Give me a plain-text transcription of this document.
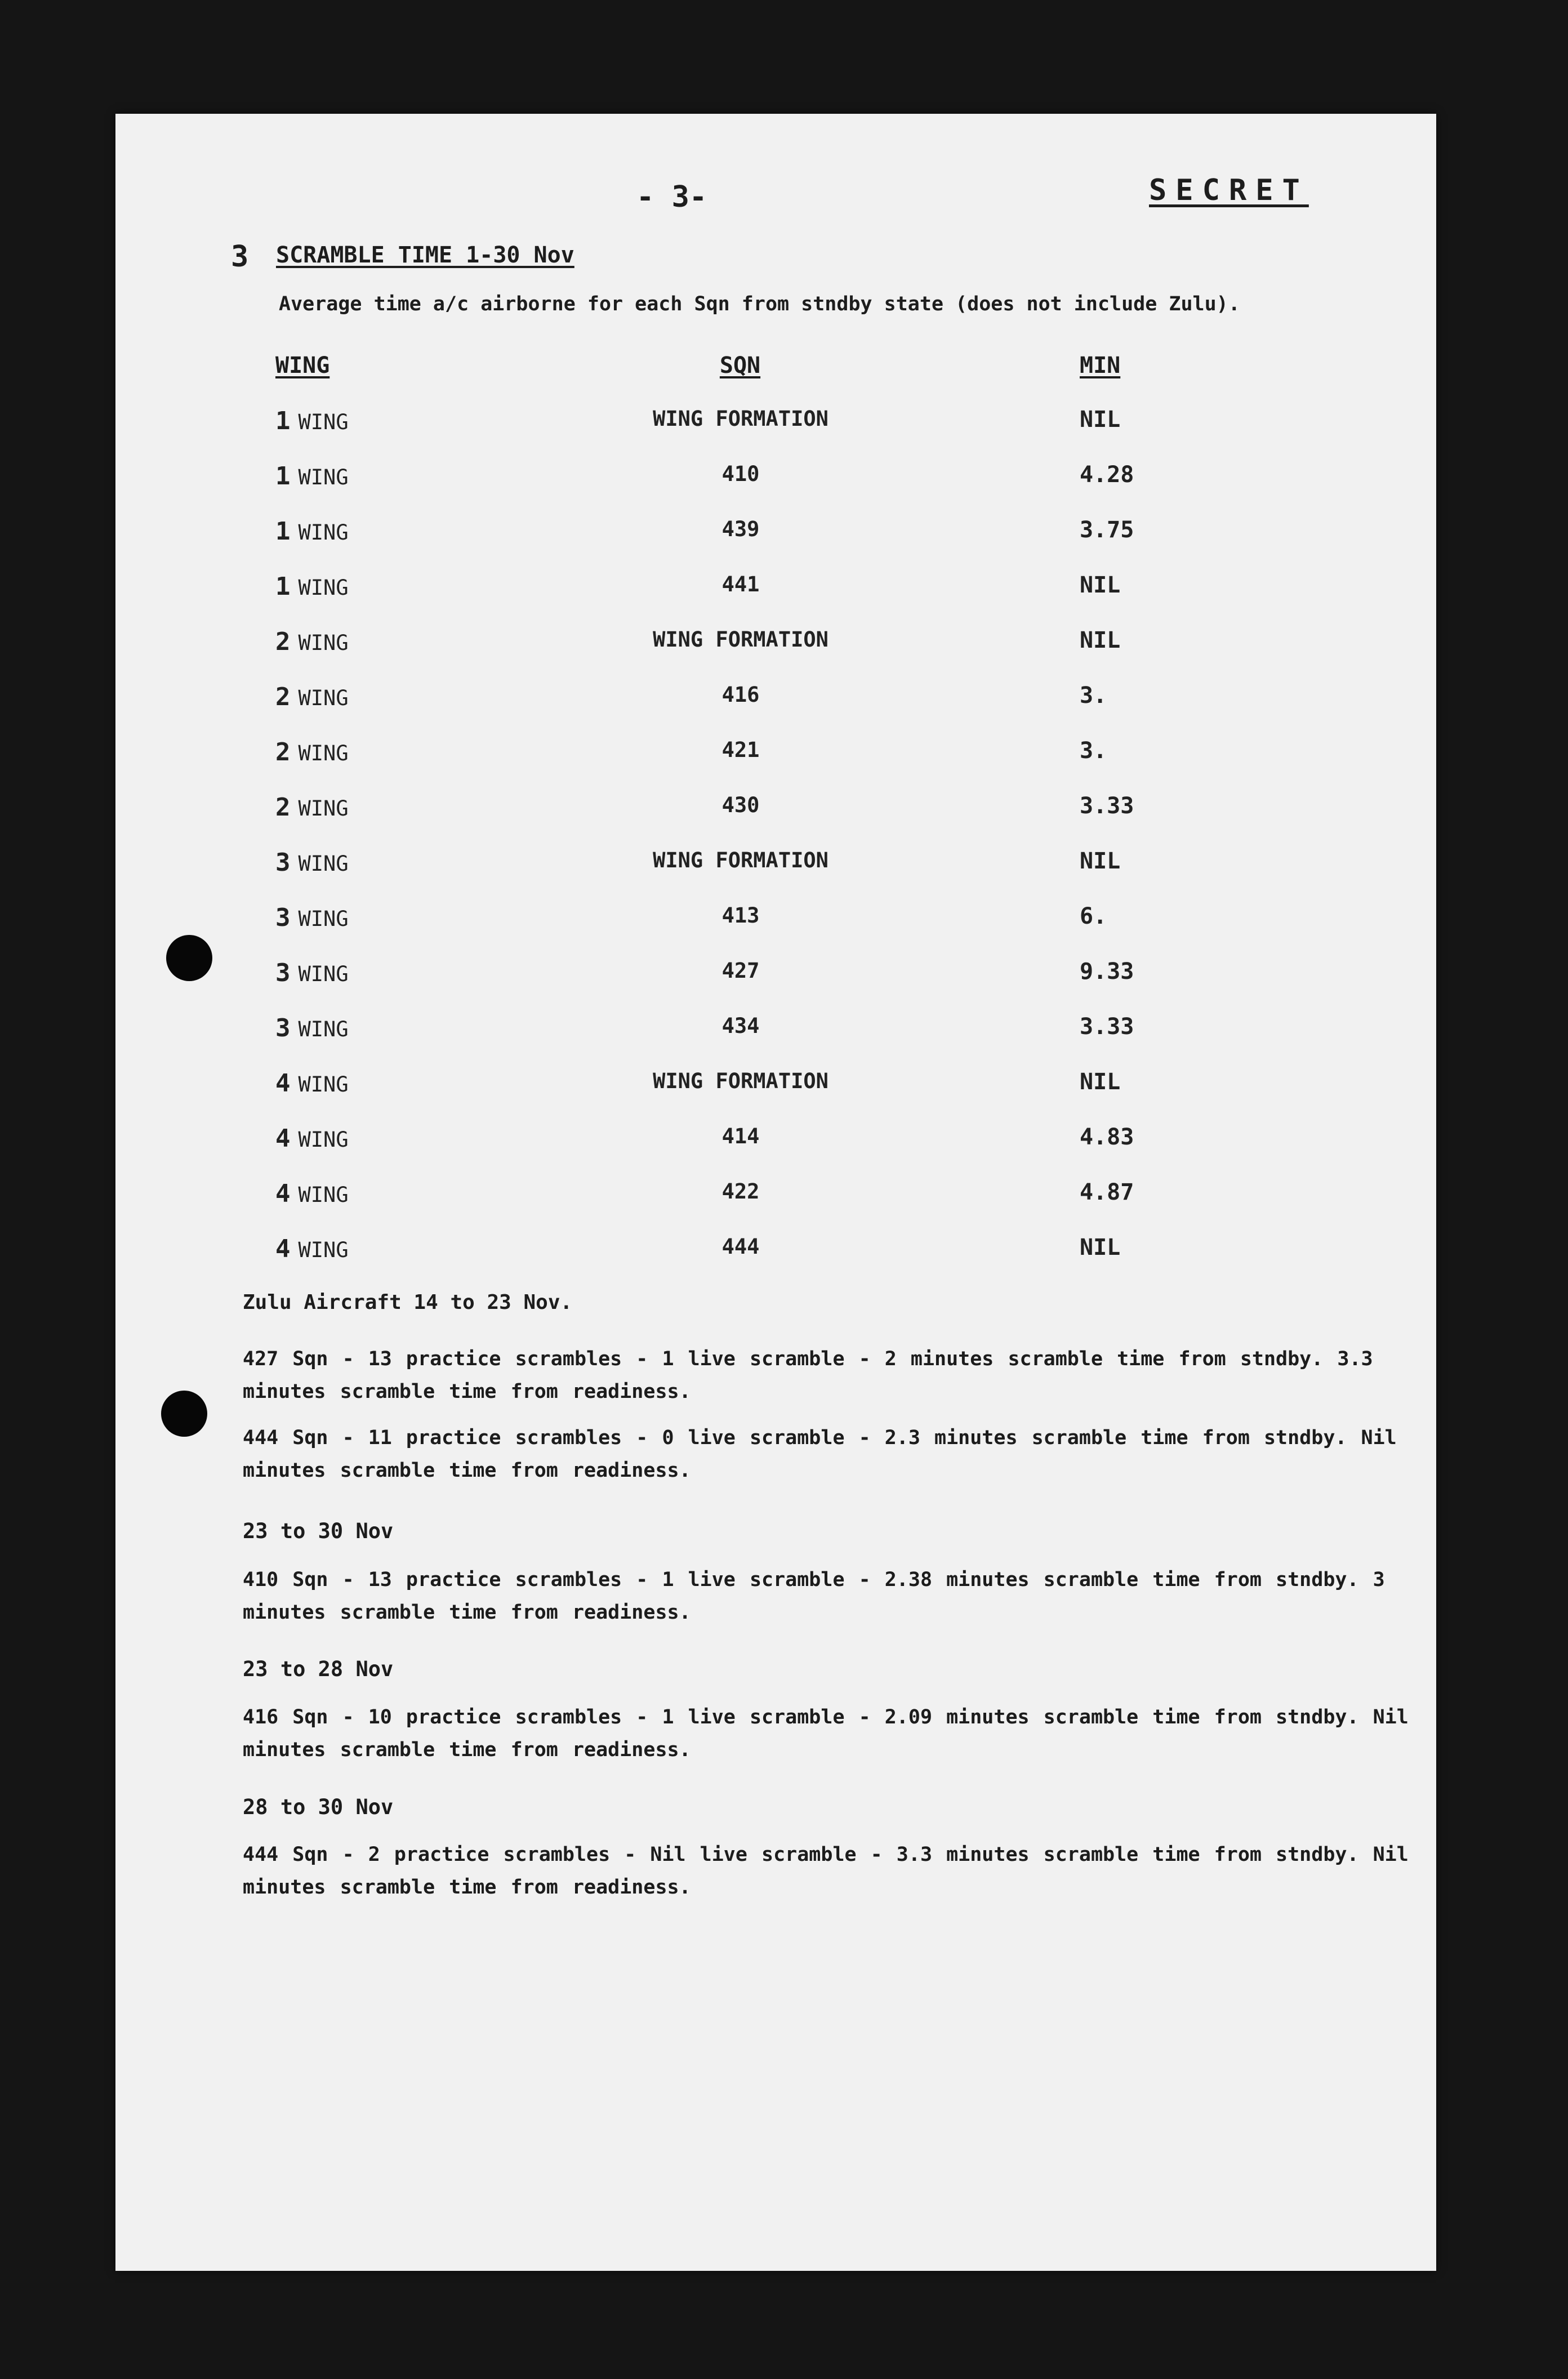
- 3-	SECRET
3 SCRAMBLE TIME 1-30 Nov
Average time a/c airborne for each Sqn from stndby state (does not include Zulu).
WING	SQN	MIN
1 WING	WING FORMATION	NIL
1 WING	410	4.28
1 WING	439	3.75
1 WING	441	NIL
2 WING	WING FORMATION	NIL
2 WING	416	3.
2 WING	421	3.
2 WING	430	3.33
3 WING	WING FORMATION	NIL
3 WING	413	6.
3 WING	427	9.33
3 WING	434	3.33
4 WING	WING FORMATION	NIL
4 WING	414	4.83
4 WING	422	4.87
4 WING	444	NIL
Zulu Aircraft 14 to 23 Nov.
427 Sqn - 13 practice scrambles - 1 live scramble - 2 minutes scramble time from stndby. 3.3 minutes scramble time from readiness.
444 Sqn - 11 practice scrambles - 0 live scramble - 2.3 minutes scramble time from stndby. Nil minutes scramble time from readiness.
23 to 30 Nov
410 Sqn - 13 practice scrambles - 1 live scramble - 2.38 minutes scramble time from stndby. 3 minutes scramble time from readiness.
23 to 28 Nov
416 Sqn - 10 practice scrambles - 1 live scramble - 2.09 minutes scramble time from stndby. Nil minutes scramble time from readiness.
28 to 30 Nov
444 Sqn - 2 practice scrambles - Nil live scramble - 3.3 minutes scramble time from stndby. Nil minutes scramble time from readiness.
